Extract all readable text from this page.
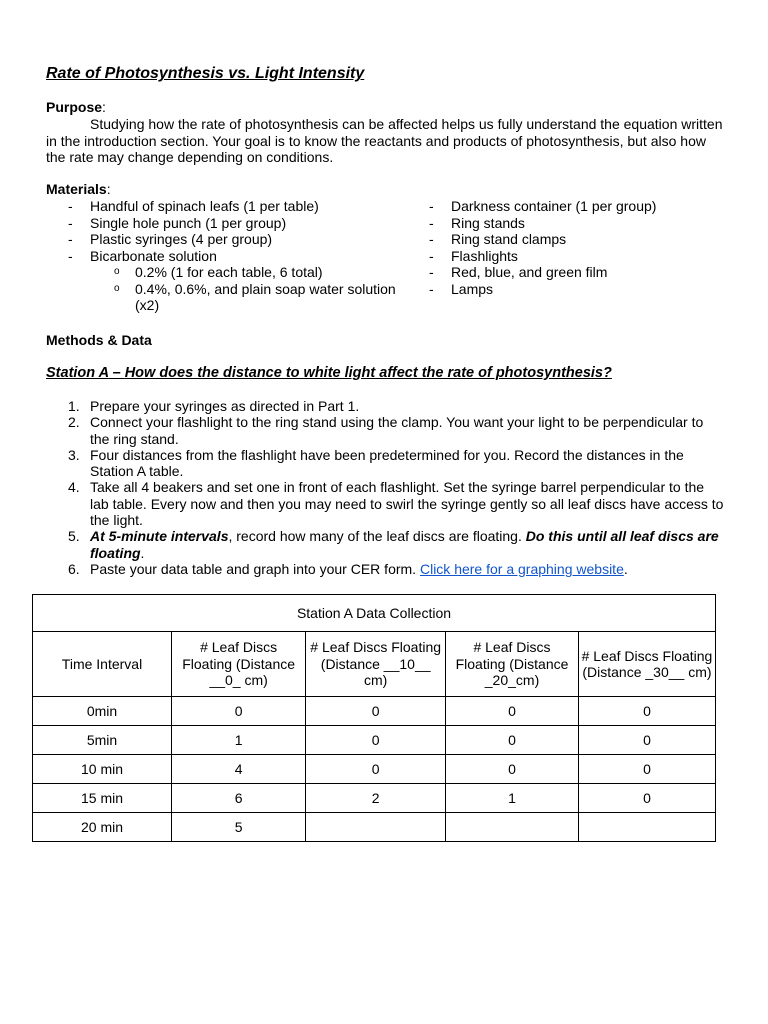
Rate of Photosynthesis vs. Light Intensity
Purpose:

Studying how the rate of photosynthesis can be affected helps us fully understand the equation written in the introduction section. Your goal is to know the reactants and products of photosynthesis, but also how the rate may change depending on conditions.

Materials:
- Handful of spinach leafs (1 per table)
- Single hole punch (1 per group)
- Plastic syringes (4 per group)
- Bicarbonate solution
o 0.2% (1 for each table, 6 total)
o 0.4%, 0.6%, and plain soap water solution (x2)
- Darkness container (1 per group)
- Ring stands
- Ring stand clamps
- Flashlights
- Red, blue, and green film
- Lamps
Methods & Data
Station A – How does the distance to white light affect the rate of photosynthesis?
1. Prepare your syringes as directed in Part 1.
2. Connect your flashlight to the ring stand using the clamp. You want your light to be perpendicular to the ring stand.
3. Four distances from the flashlight have been predetermined for you. Record the distances in the Station A table.
4. Take all 4 beakers and set one in front of each flashlight. Set the syringe barrel perpendicular to the lab table. Every now and then you may need to swirl the syringe gently so all leaf discs have access to the light.
5. At 5-minute intervals, record how many of the leaf discs are floating. Do this until all leaf discs are floating.
6. Paste your data table and graph into your CER form. Click here for a graphing website.
Station A Data Collection				
Time Interval	# Leaf Discs Floating (Distance __0_ cm)	# Leaf Discs Floating (Distance __10__ cm)	# Leaf Discs Floating (Distance _20_cm)	# Leaf Discs Floating (Distance _30__ cm)
0min	0	0	0	0
5min	1	0	0	0
10 min	4	0	0	0
15 min	6	2	1	0
20 min	5			
